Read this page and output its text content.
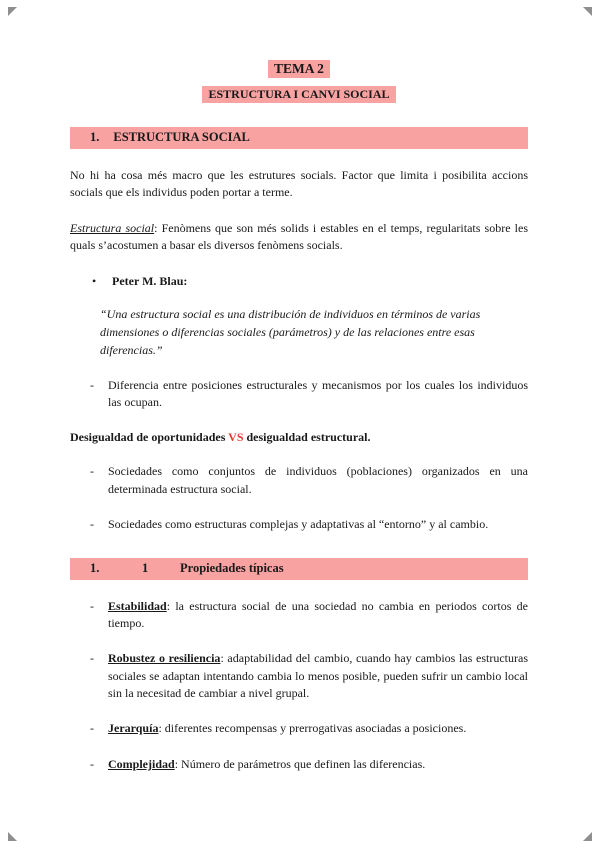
TEMA 2
ESTRUCTURA I CANVI SOCIAL
1. ESTRUCTURA SOCIAL

No hi ha cosa més macro que les estrutures socials. Factor que limita i posibilita accions socials que els individus poden portar a terme.

Estructura social: Fenòmens que son més solids i estables en el temps, regularitats sobre les quals s’acostumen a basar els diversos fenòmens socials.

•	Peter M. Blau:

“Una estructura social es una distribución de individuos en términos de varias dimensiones o diferencias sociales (parámetros) y de las relaciones entre esas diferencias.”

-	Diferencia entre posiciones estructurales y mecanismos por los cuales los individuos las ocupan.

Desigualdad de oportunidades VS desigualdad estructural.

-	Sociedades como conjuntos de individuos (poblaciones) organizados en una determinada estructura social.
-	Sociedades como estructuras complejas y adaptativas al “entorno” y al cambio.
1.	1	Propiedades típicas
-	Estabilidad: la estructura social de una sociedad no cambia en periodos cortos de tiempo.
-	Robustez o resiliencia: adaptabilidad del cambio, cuando hay cambios las estructuras sociales se adaptan intentando cambia lo menos posible, pueden sufrir un cambio local sin la necesitad de cambiar a nivel grupal.
-	Jerarquía: diferentes recompensas y prerrogativas asociadas a posiciones.
-	Complejidad: Número de parámetros que definen las diferencias.
